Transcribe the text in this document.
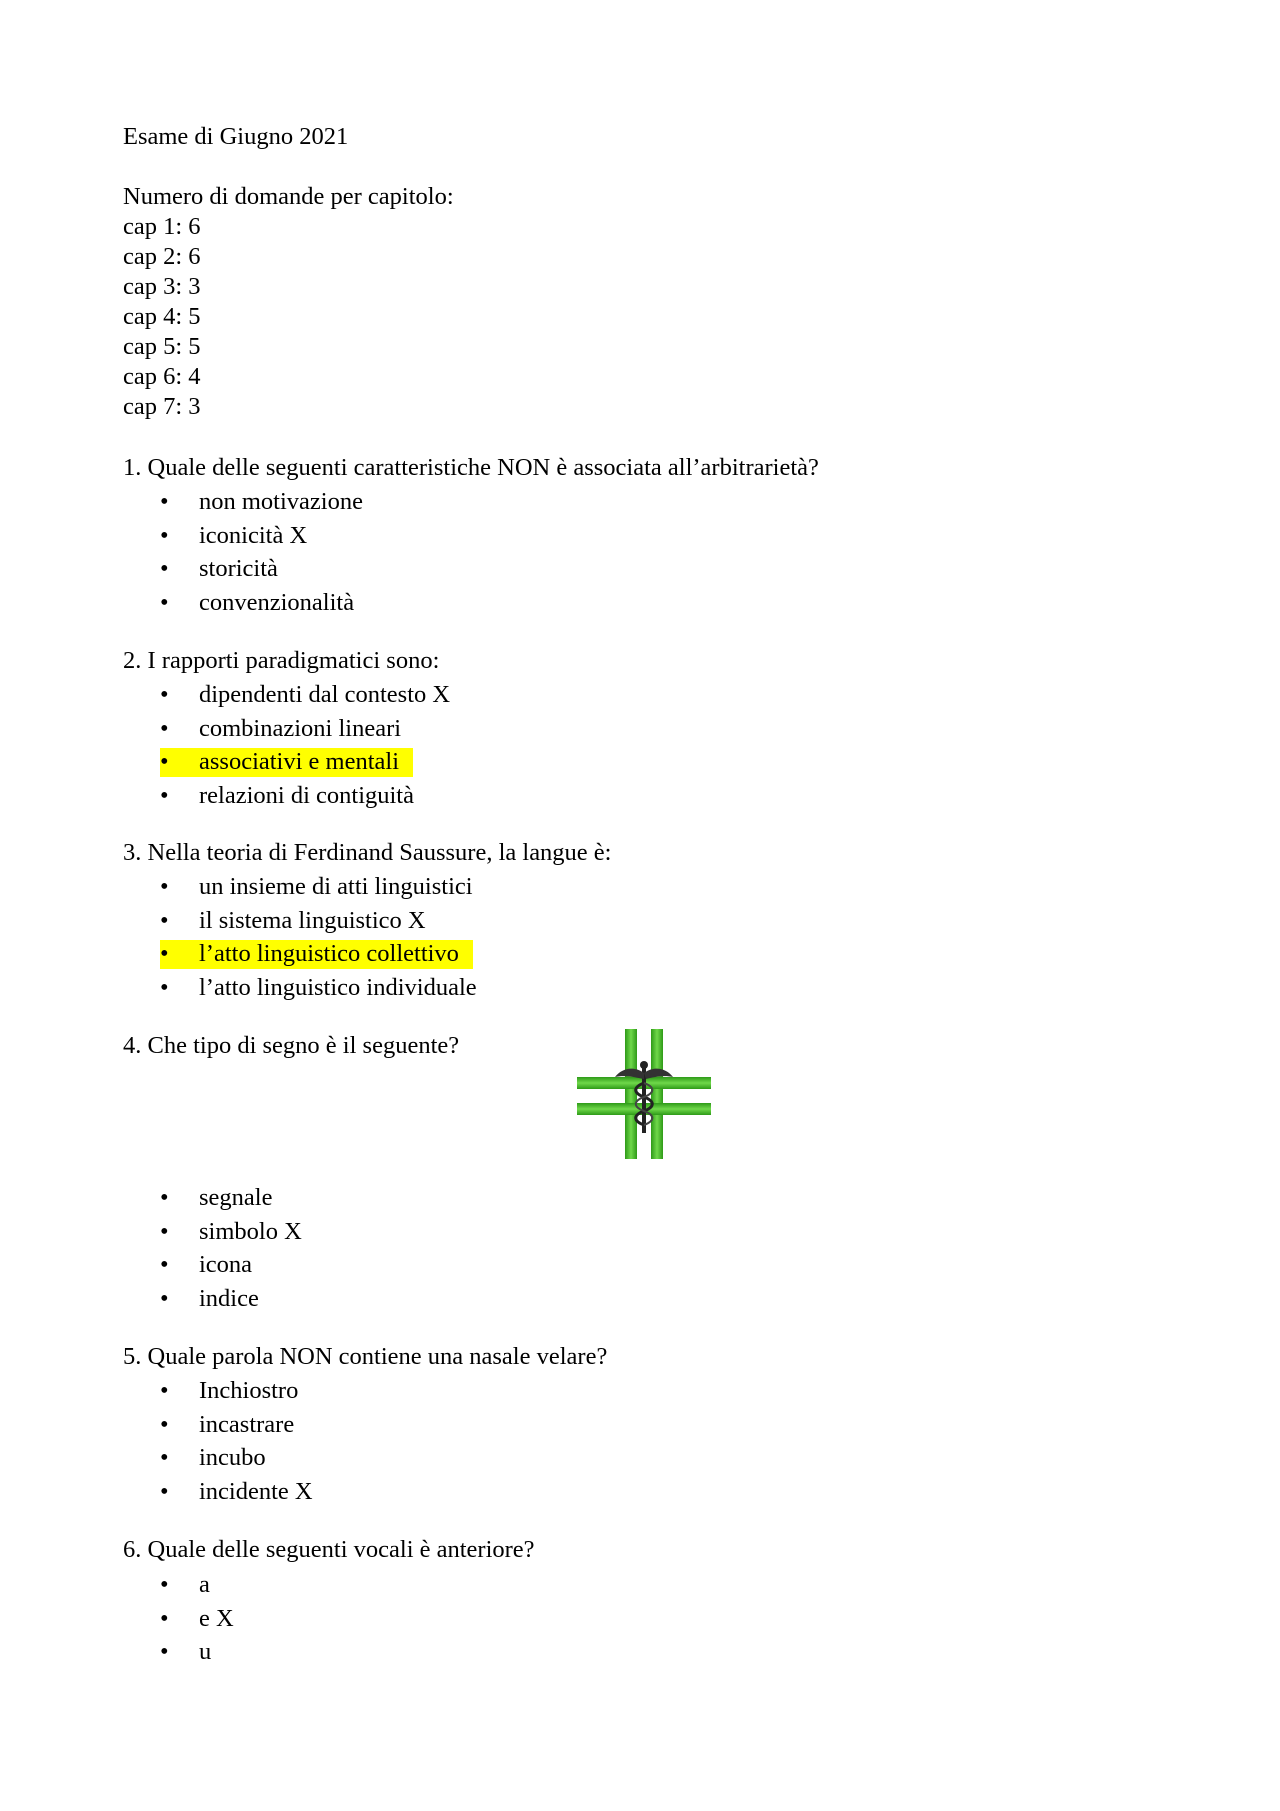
Esame di Giugno 2021
Numero di domande per capitolo:
cap 1: 6
cap 2: 6
cap 3: 3
cap 4: 5
cap 5: 5
cap 6: 4
cap 7: 3
1. Quale delle seguenti caratteristiche NON è associata all’arbitrarietà?
•	non motivazione
•	iconicità X
•	storicità
•	convenzionalità
2. I rapporti paradigmatici sono:
•	dipendenti dal contesto X
•	combinazioni lineari
•	associativi e mentali
•	relazioni di contiguità
3. Nella teoria di Ferdinand Saussure, la langue è:
•	un insieme di atti linguistici
•	il sistema linguistico X
•	l’atto linguistico collettivo
•	l’atto linguistico individuale
4. Che tipo di segno è il seguente?
•	segnale
•	simbolo X
•	icona
•	indice
5. Quale parola NON contiene una nasale velare?
•	Inchiostro
•	incastrare
•	incubo
•	incidente X
6. Quale delle seguenti vocali è anteriore?
•	a
•	e X
•	u
